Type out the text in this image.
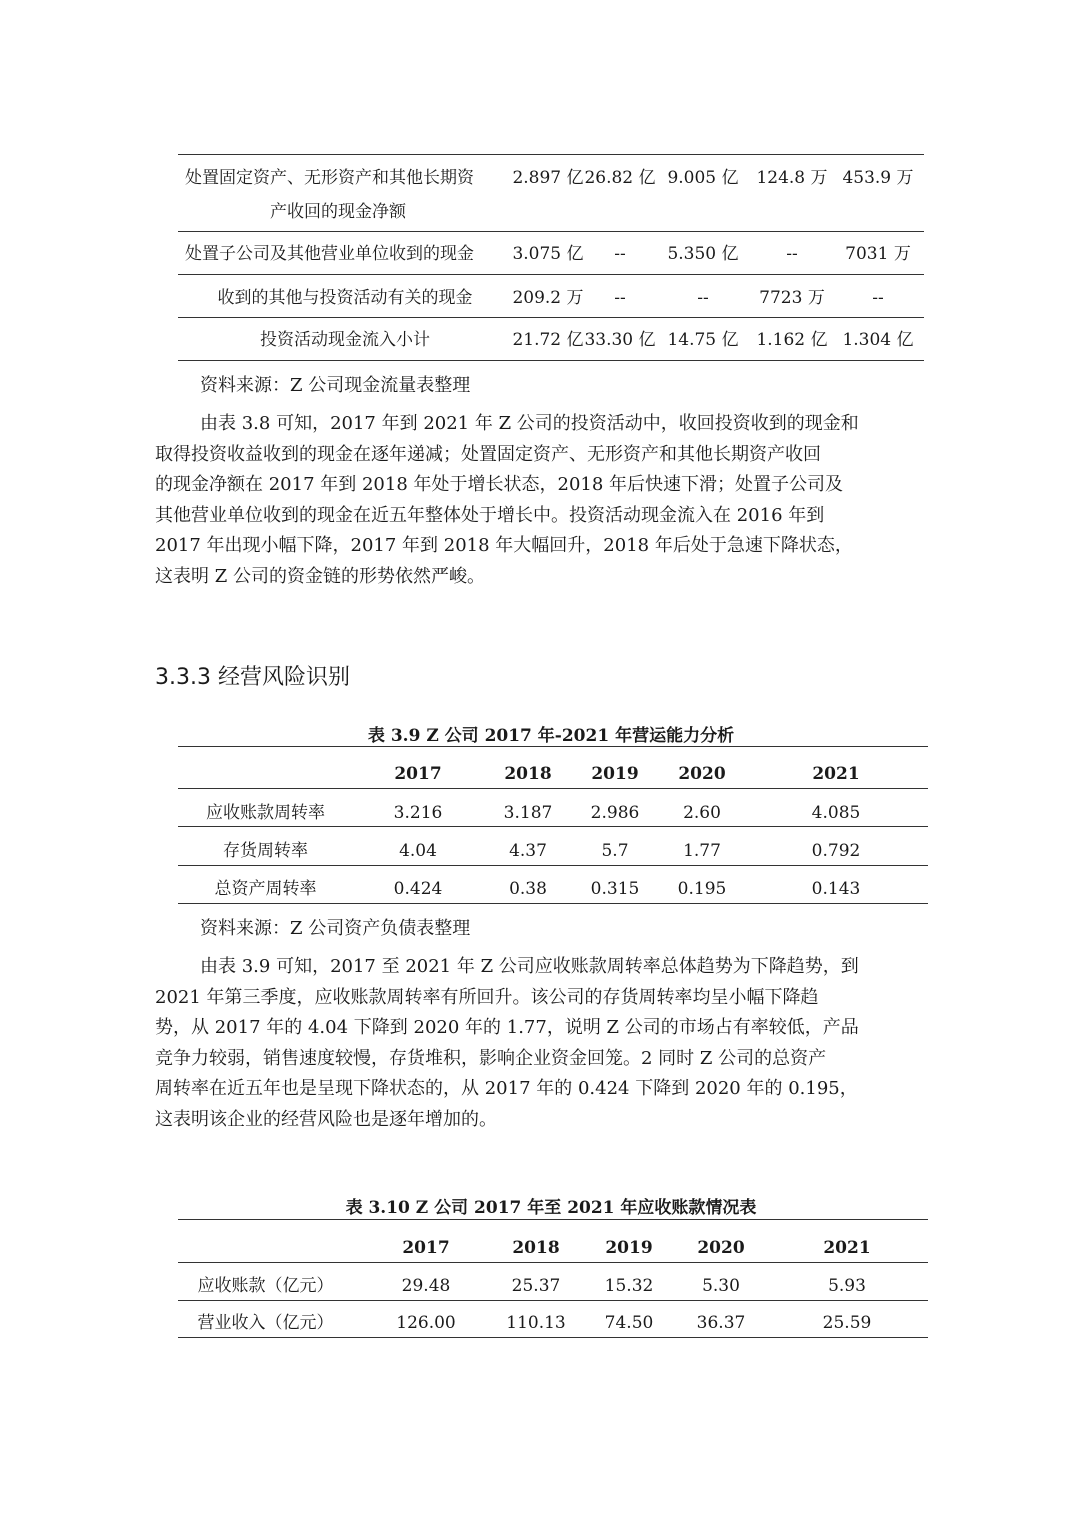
处置固定资产、无形资产和其他长期资
产收回的现金净额
2.897 亿 26.82 亿 9.005 亿 124.8 万 453.9 万
处置子公司及其他营业单位收到的现金 3.075 亿	--	5.350 亿	--	7031 万
收到的其他与投资活动有关的现金	209.2 万	--	--	7723 万	--
投资活动现金流入小计	21.72 亿 33.30 亿 14.75 亿 1.162 亿 1.304 亿
资料来源：Z 公司现金流量表整理
由表 3.8 可知，2017 年到 2021 年 Z 公司的投资活动中，收回投资收到的现金和
取得投资收益收到的现金在逐年递减；处置固定资产、无形资产和其他长期资产收回
的现金净额在 2017 年到 2018 年处于增长状态，2018 年后快速下滑；处置子公司及
其他营业单位收到的现金在近五年整体处于增长中。投资活动现金流入在 2016 年到
2017 年出现小幅下降，2017 年到 2018 年大幅回升，2018 年后处于急速下降状态，
这表明 Z 公司的资金链的形势依然严峻。
3.3.3 经营风险识别
表 3.9 Z 公司 2017 年-2021 年营运能力分析
2017	2018	2019	2020	2021
应收账款周转率	3.216	3.187	2.986	2.60	4.085
存货周转率	4.04	4.37	5.7	1.77	0.792
总资产周转率	0.424	0.38	0.315	0.195	0.143
资料来源：Z 公司资产负债表整理
由表 3.9 可知，2017 至 2021 年 Z 公司应收账款周转率总体趋势为下降趋势，到
2021 年第三季度，应收账款周转率有所回升。该公司的存货周转率均呈小幅下降趋
势，从 2017 年的 4.04 下降到 2020 年的 1.77，说明 Z 公司的市场占有率较低，产品
竞争力较弱，销售速度较慢，存货堆积，影响企业资金回笼。2 同时 Z 公司的总资产
周转率在近五年也是呈现下降状态的，从 2017 年的 0.424 下降到 2020 年的 0.195，
这表明该企业的经营风险也是逐年增加的。
表 3.10 Z 公司 2017 年至 2021 年应收账款情况表
2017	2018	2019	2020	2021
应收账款（亿元）	29.48	25.37	15.32	5.30	5.93
营业收入（亿元）	126.00	110.13	74.50	36.37	25.59
